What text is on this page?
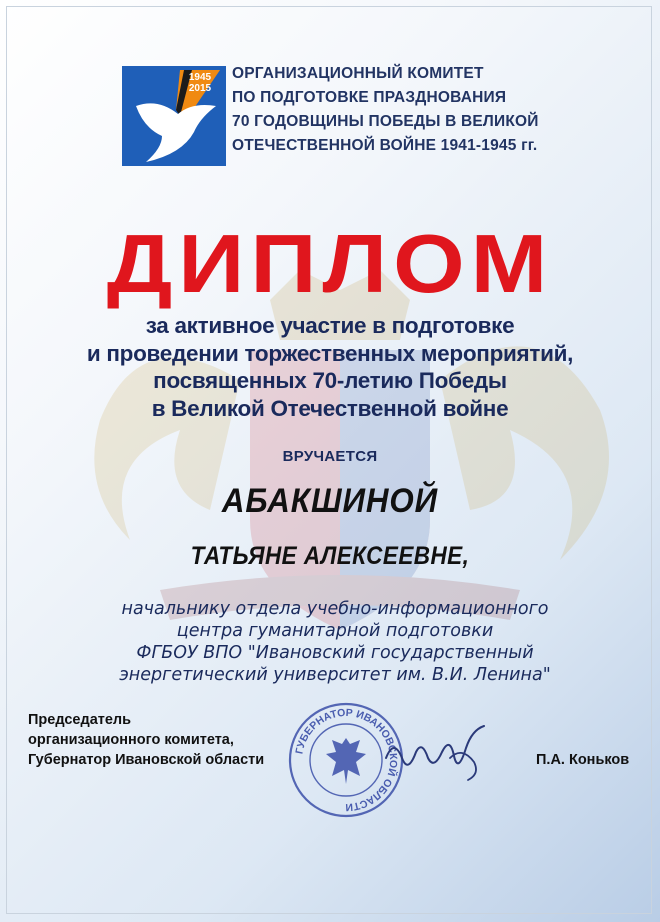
1945
2015
ОРГАНИЗАЦИОННЫЙ КОМИТЕТ
ПО ПОДГОТОВКЕ ПРАЗДНОВАНИЯ
70 ГОДОВЩИНЫ ПОБЕДЫ В ВЕЛИКОЙ
ОТЕЧЕСТВЕННОЙ ВОЙНЕ 1941-1945 гг.
ДИПЛОМ
за активное участие в подготовке
и проведении торжественных мероприятий,
посвященных 70-летию Победы
в Великой Отечественной войне
ВРУЧАЕТСЯ
АБАКШИНОЙ
ТАТЬЯНЕ АЛЕКСЕЕВНЕ,
начальнику отдела учебно-информационного
центра гуманитарной подготовки
ФГБОУ ВПО "Ивановский государственный
энергетический университет им. В.И. Ленина"
Председатель
организационного комитета,
Губернатор Ивановской области
ГУБЕРНАТОР ИВАНОВСКОЙ ОБЛАСТИ
П.А. Коньков
